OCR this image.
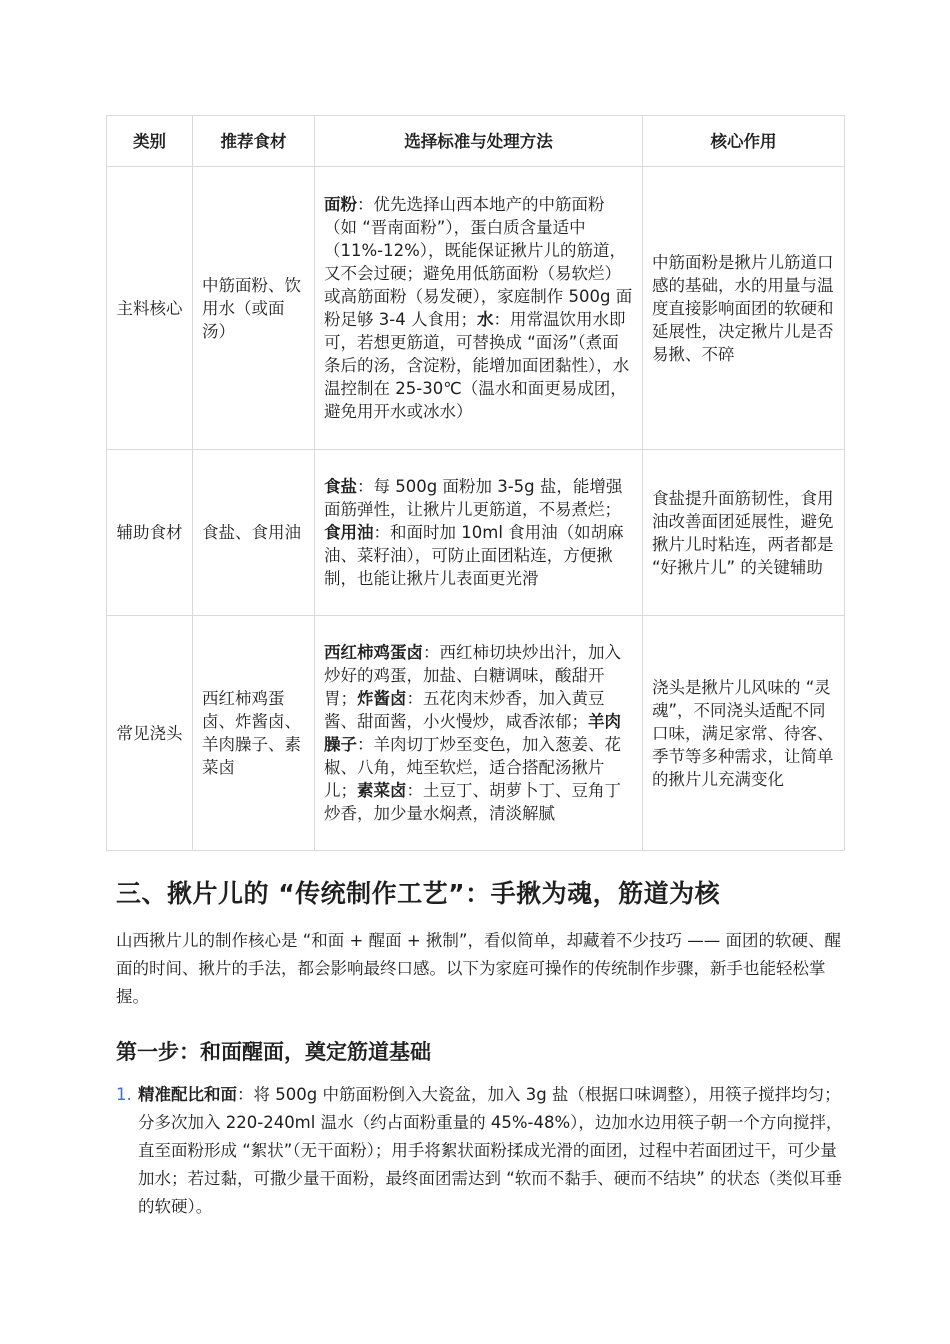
类别	推荐食材	选择标准与处理方法	核心作用
主料核心	中筋面粉、饮用水（或面汤）	面粉：优先选择山西本地产的中筋面粉（如 “晋南面粉”），蛋白质含量适中（11%-12%），既能保证揪片儿的筋道，又不会过硬；避免用低筋面粉（易软烂）或高筋面粉（易发硬），家庭制作 500g 面粉足够 3-4 人食用；水：用常温饮用水即可，若想更筋道，可替换成 “面汤”（煮面条后的汤，含淀粉，能增加面团黏性），水温控制在 25-30℃（温水和面更易成团，避免用开水或冰水）	中筋面粉是揪片儿筋道口感的基础，水的用量与温度直接影响面团的软硬和延展性，决定揪片儿是否易揪、不碎
辅助食材	食盐、食用油	食盐：每 500g 面粉加 3-5g 盐，能增强面筋弹性，让揪片儿更筋道，不易煮烂；食用油：和面时加 10ml 食用油（如胡麻油、菜籽油），可防止面团粘连，方便揪制，也能让揪片儿表面更光滑	食盐提升面筋韧性，食用油改善面团延展性，避免揪片儿时粘连，两者都是 “好揪片儿” 的关键辅助
常见浇头	西红柿鸡蛋卤、炸酱卤、羊肉臊子、素菜卤	西红柿鸡蛋卤：西红柿切块炒出汁，加入炒好的鸡蛋，加盐、白糖调味，酸甜开胃；炸酱卤：五花肉末炒香，加入黄豆酱、甜面酱，小火慢炒，咸香浓郁；羊肉臊子：羊肉切丁炒至变色，加入葱姜、花椒、八角，炖至软烂，适合搭配汤揪片儿；素菜卤：土豆丁、胡萝卜丁、豆角丁炒香，加少量水焖煮，清淡解腻	浇头是揪片儿风味的 “灵魂”，不同浇头适配不同口味，满足家常、待客、季节等多种需求，让简单的揪片儿充满变化
三、揪片儿的 “传统制作工艺”：手揪为魂，筋道为核

山西揪片儿的制作核心是 “和面 + 醒面 + 揪制”，看似简单，却藏着不少技巧 —— 面团的软硬、醒面的时间、揪片的手法，都会影响最终口感。以下为家庭可操作的传统制作步骤，新手也能轻松掌握。

第一步：和面醒面，奠定筋道基础
1. 精准配比和面：将 500g 中筋面粉倒入大瓷盆，加入 3g 盐（根据口味调整），用筷子搅拌均匀；分多次加入 220-240ml 温水（约占面粉重量的 45%-48%），边加水边用筷子朝一个方向搅拌，直至面粉形成 “絮状”（无干面粉）；用手将絮状面粉揉成光滑的面团，过程中若面团过干，可少量加水；若过黏，可撒少量干面粉，最终面团需达到 “软而不黏手、硬而不结块” 的状态（类似耳垂的软硬）。
